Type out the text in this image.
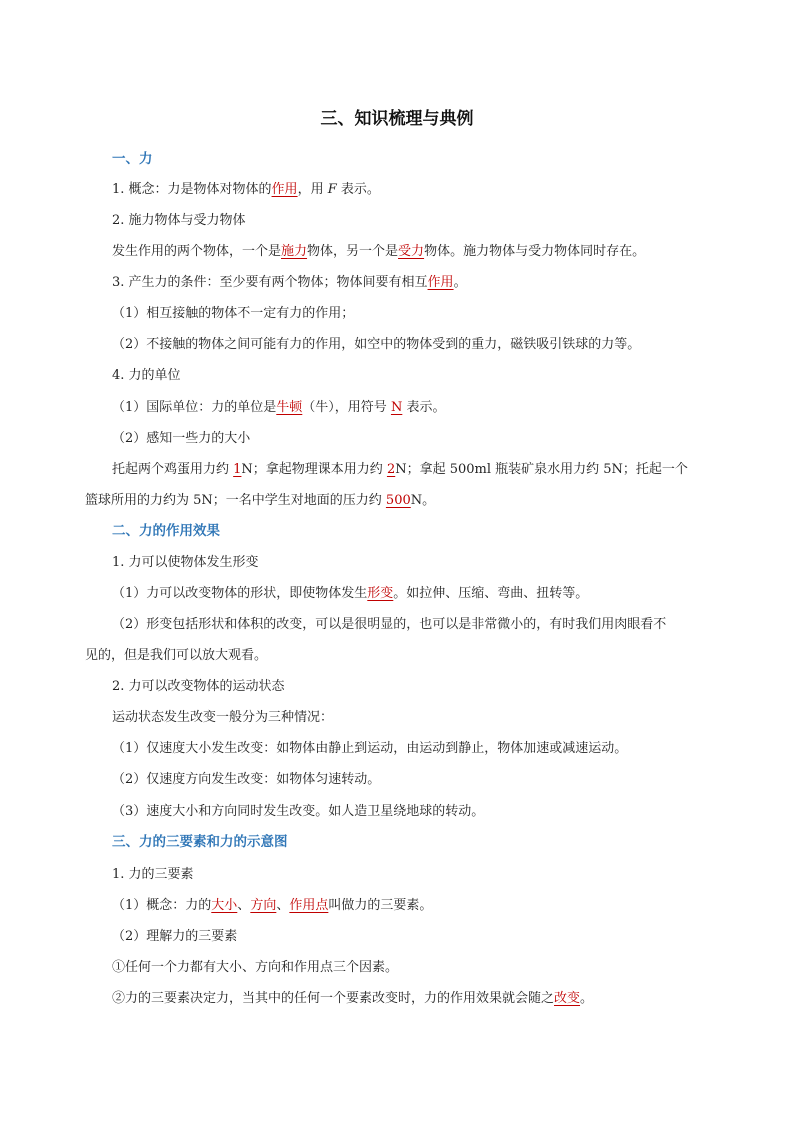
三、知识梳理与典例
一、力
1. 概念：力是物体对物体的作用，用 F 表示。
2. 施力物体与受力物体
发生作用的两个物体，一个是施力物体，另一个是受力物体。施力物体与受力物体同时存在。
3. 产生力的条件：至少要有两个物体；物体间要有相互作用。
（1）相互接触的物体不一定有力的作用；
（2）不接触的物体之间可能有力的作用，如空中的物体受到的重力，磁铁吸引铁球的力等。
4. 力的单位
（1）国际单位：力的单位是牛顿（牛），用符号 N 表示。
（2）感知一些力的大小
托起两个鸡蛋用力约 1N；拿起物理课本用力约 2N；拿起 500ml 瓶装矿泉水用力约 5N；托起一个
篮球所用的力约为 5N；一名中学生对地面的压力约 500N。
二、力的作用效果
1. 力可以使物体发生形变
（1）力可以改变物体的形状，即使物体发生形变。如拉伸、压缩、弯曲、扭转等。
（2）形变包括形状和体积的改变，可以是很明显的，也可以是非常微小的，有时我们用肉眼看不
见的，但是我们可以放大观看。
2. 力可以改变物体的运动状态
运动状态发生改变一般分为三种情况：
（1）仅速度大小发生改变：如物体由静止到运动，由运动到静止，物体加速或减速运动。
（2）仅速度方向发生改变：如物体匀速转动。
（3）速度大小和方向同时发生改变。如人造卫星绕地球的转动。
三、力的三要素和力的示意图
1. 力的三要素
（1）概念：力的大小、方向、作用点叫做力的三要素。
（2）理解力的三要素
①任何一个力都有大小、方向和作用点三个因素。
②力的三要素决定力，当其中的任何一个要素改变时，力的作用效果就会随之改变。
